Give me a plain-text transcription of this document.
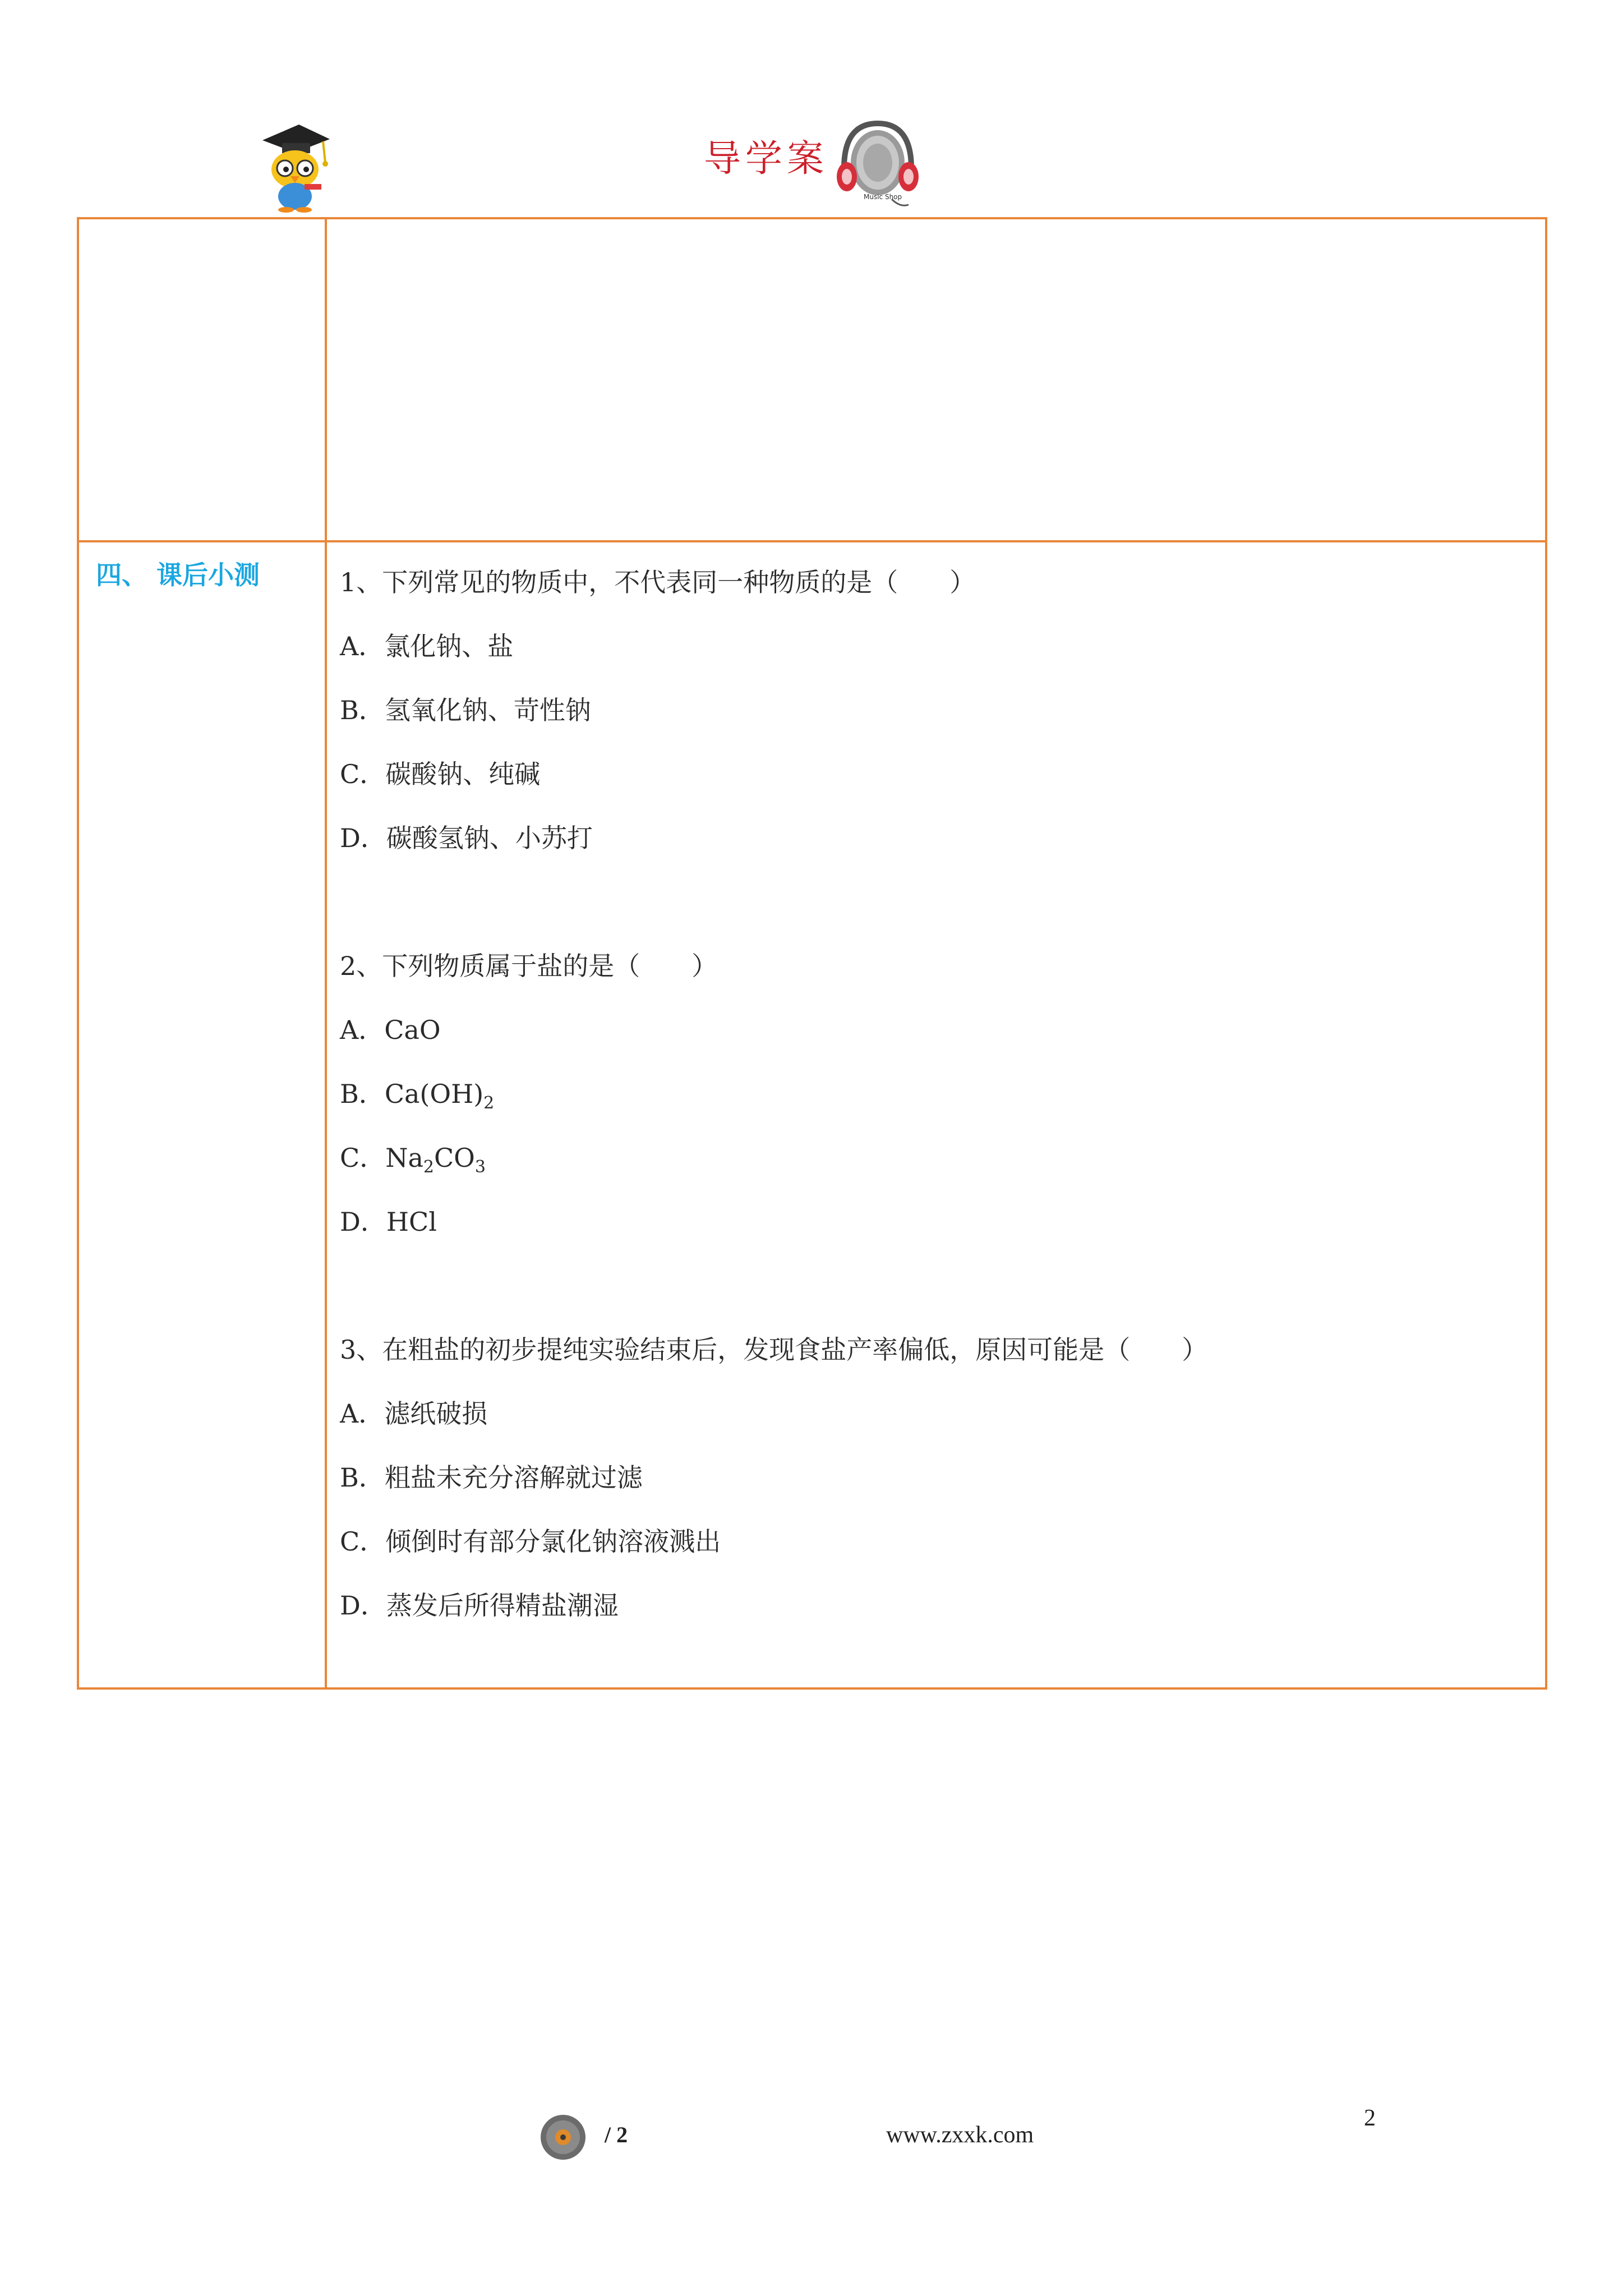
导学案
Music Shop
四、 课后小测	1、下列常见的物质中，不代表同一种物质的是（　　）
A．氯化钠、盐
B．氢氧化钠、苛性钠
C．碳酸钠、纯碱
D．碳酸氢钠、小苏打
2、下列物质属于盐的是（　　）
A．CaO
B．$Ca(OH)_2$
C．$Na_2CO_3$
D．HCl
3、在粗盐的初步提纯实验结束后，发现食盐产率偏低，原因可能是（　　）
A．滤纸破损
B．粗盐未充分溶解就过滤
C．倾倒时有部分氯化钠溶液溅出
D．蒸发后所得精盐潮湿
/ 2	www.zxxk.com
2
